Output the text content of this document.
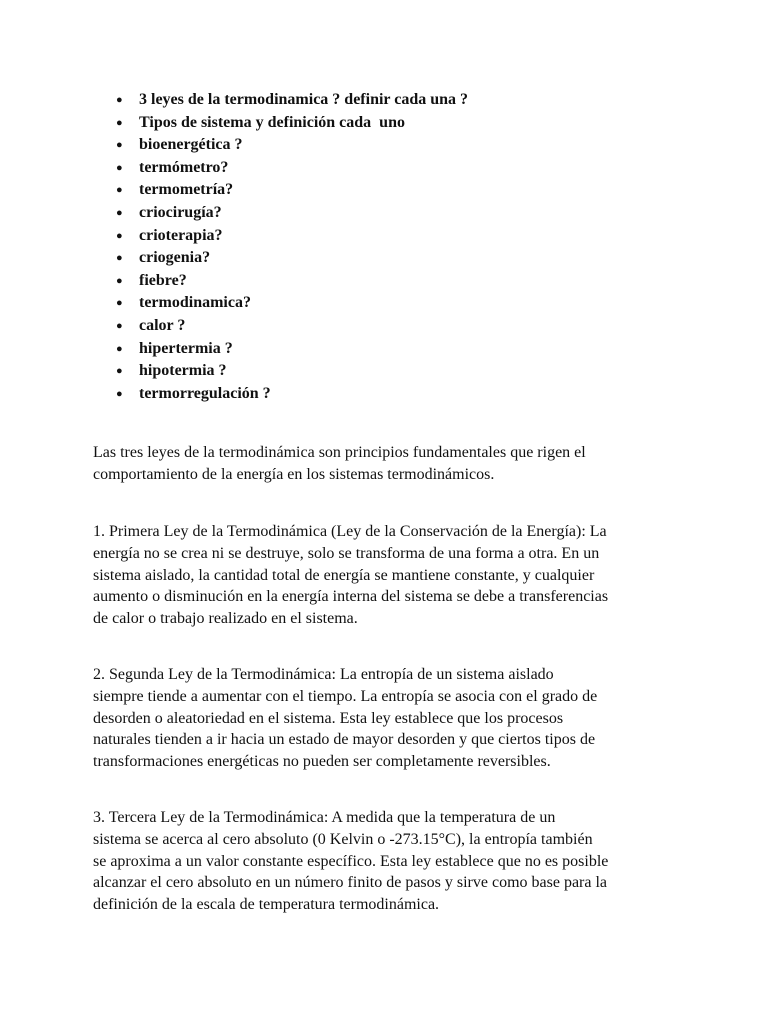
● 3 leyes de la termodinamica ? definir cada una ?
● Tipos de sistema y definición cada  uno
● bioenergética ?
● termómetro?
● termometría?
● criocirugía?
● crioterapia?
● criogenia?
● fiebre?
● termodinamica?
● calor ?
● hipertermia ?
● hipotermia ?
● termorregulación ?

Las tres leyes de la termodinámica son principios fundamentales que rigen el
comportamiento de la energía en los sistemas termodinámicos.

1. Primera Ley de la Termodinámica (Ley de la Conservación de la Energía): La
energía no se crea ni se destruye, solo se transforma de una forma a otra. En un
sistema aislado, la cantidad total de energía se mantiene constante, y cualquier
aumento o disminución en la energía interna del sistema se debe a transferencias
de calor o trabajo realizado en el sistema.

2. Segunda Ley de la Termodinámica: La entropía de un sistema aislado
siempre tiende a aumentar con el tiempo. La entropía se asocia con el grado de
desorden o aleatoriedad en el sistema. Esta ley establece que los procesos
naturales tienden a ir hacia un estado de mayor desorden y que ciertos tipos de
transformaciones energéticas no pueden ser completamente reversibles.

3. Tercera Ley de la Termodinámica: A medida que la temperatura de un
sistema se acerca al cero absoluto (0 Kelvin o -273.15°C), la entropía también
se aproxima a un valor constante específico. Esta ley establece que no es posible
alcanzar el cero absoluto en un número finito de pasos y sirve como base para la
definición de la escala de temperatura termodinámica.
